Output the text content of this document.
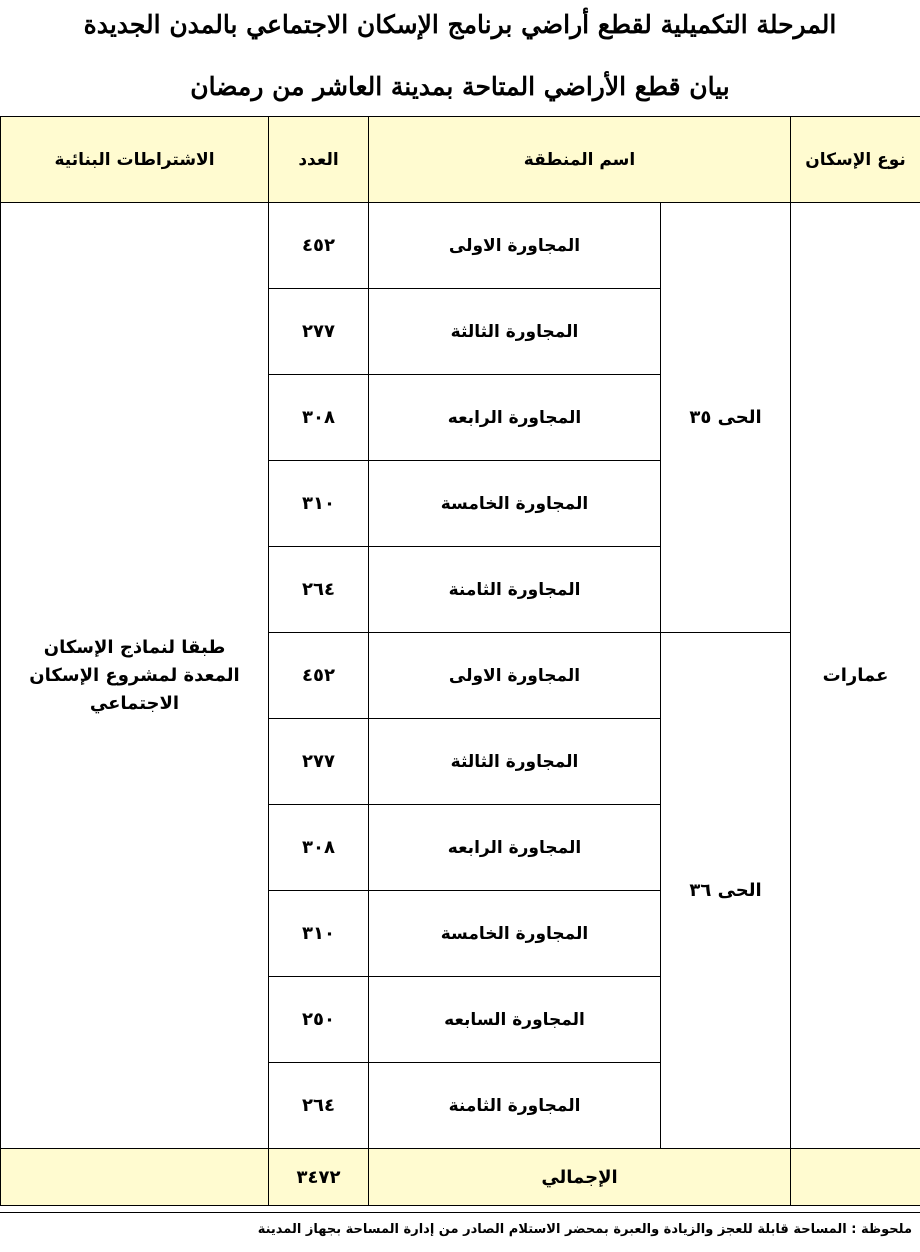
المرحلة التكميلية لقطع أراضي برنامج الإسكان الاجتماعي بالمدن الجديدة
بيان قطع الأراضي المتاحة بمدينة العاشر من رمضان
نوع الإسكان	اسم المنطقة		العدد	الاشتراطات البنائية
عمارات	الحى ٣٥	المجاورة الاولى	٤٥٢	طبقا لنماذج الإسكان المعدة لمشروع الإسكان الاجتماعي
		المجاورة الثالثة	٢٧٧	
		المجاورة الرابعه	٣٠٨	
		المجاورة الخامسة	٣١٠	
		المجاورة الثامنة	٢٦٤	
	الحى ٣٦	المجاورة الاولى	٤٥٢	
		المجاورة الثالثة	٢٧٧	
		المجاورة الرابعه	٣٠٨	
		المجاورة الخامسة	٣١٠	
		المجاورة السابعه	٢٥٠	
		المجاورة الثامنة	٢٦٤	
	الإجمالي		٣٤٧٢	
ملحوظة : المساحة قابلة للعجز والزيادة والعبرة بمحضر الاستلام الصادر من إدارة المساحة بجهاز المدينة
